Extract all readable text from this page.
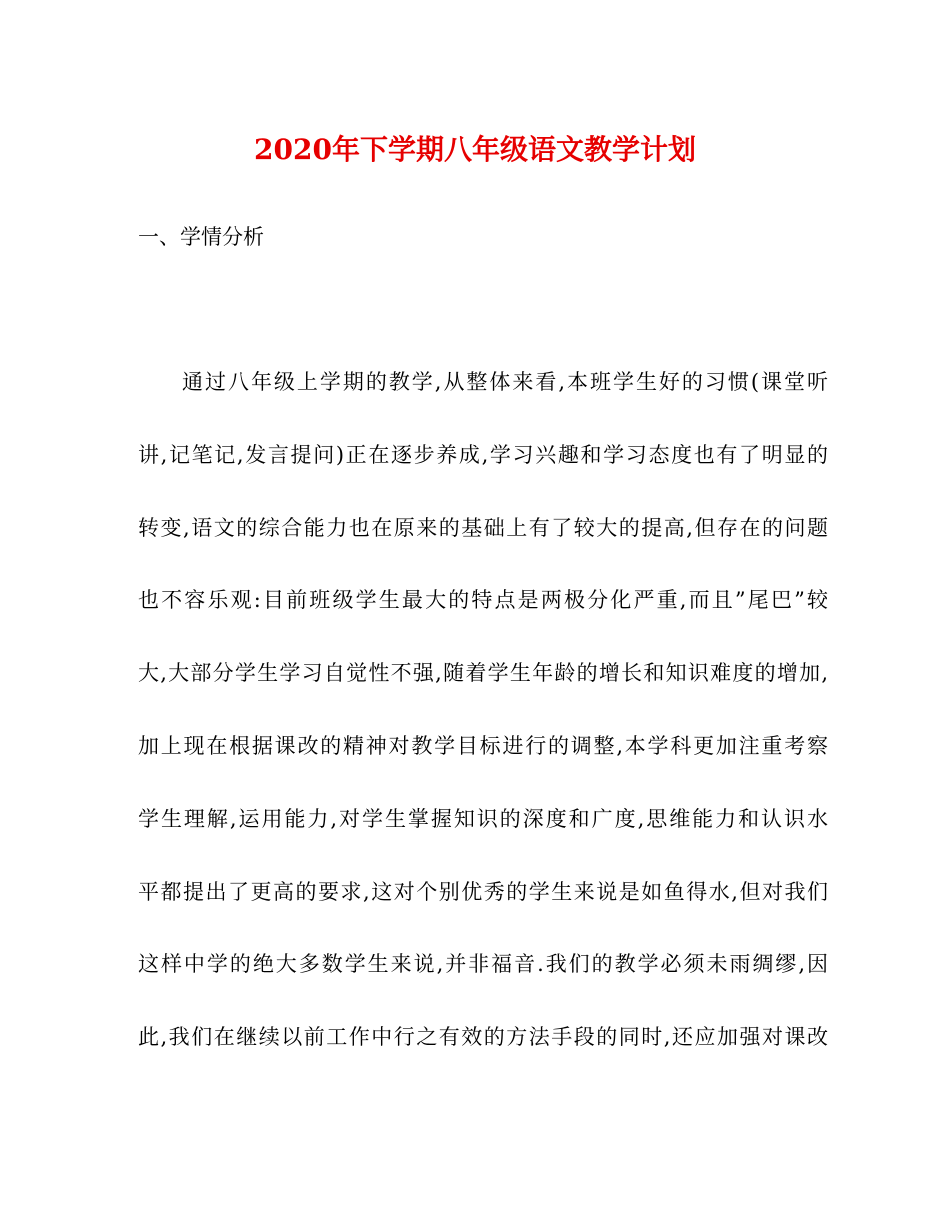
2020年下学期八年级语文教学计划

一、学情分析

通过八年级上学期的教学,从整体来看,本班学生好的习惯(课堂听
讲,记笔记,发言提问)正在逐步养成,学习兴趣和学习态度也有了明显的
转变,语文的综合能力也在原来的基础上有了较大的提高,但存在的问题
也不容乐观:目前班级学生最大的特点是两极分化严重,而且”尾巴”较
大,大部分学生学习自觉性不强,随着学生年龄的增长和知识难度的增加,
加上现在根据课改的精神对教学目标进行的调整,本学科更加注重考察
学生理解,运用能力,对学生掌握知识的深度和广度,思维能力和认识水
平都提出了更高的要求,这对个别优秀的学生来说是如鱼得水,但对我们
这样中学的绝大多数学生来说,并非福音.我们的教学必须未雨绸缪,因
此,我们在继续以前工作中行之有效的方法手段的同时,还应加强对课改
